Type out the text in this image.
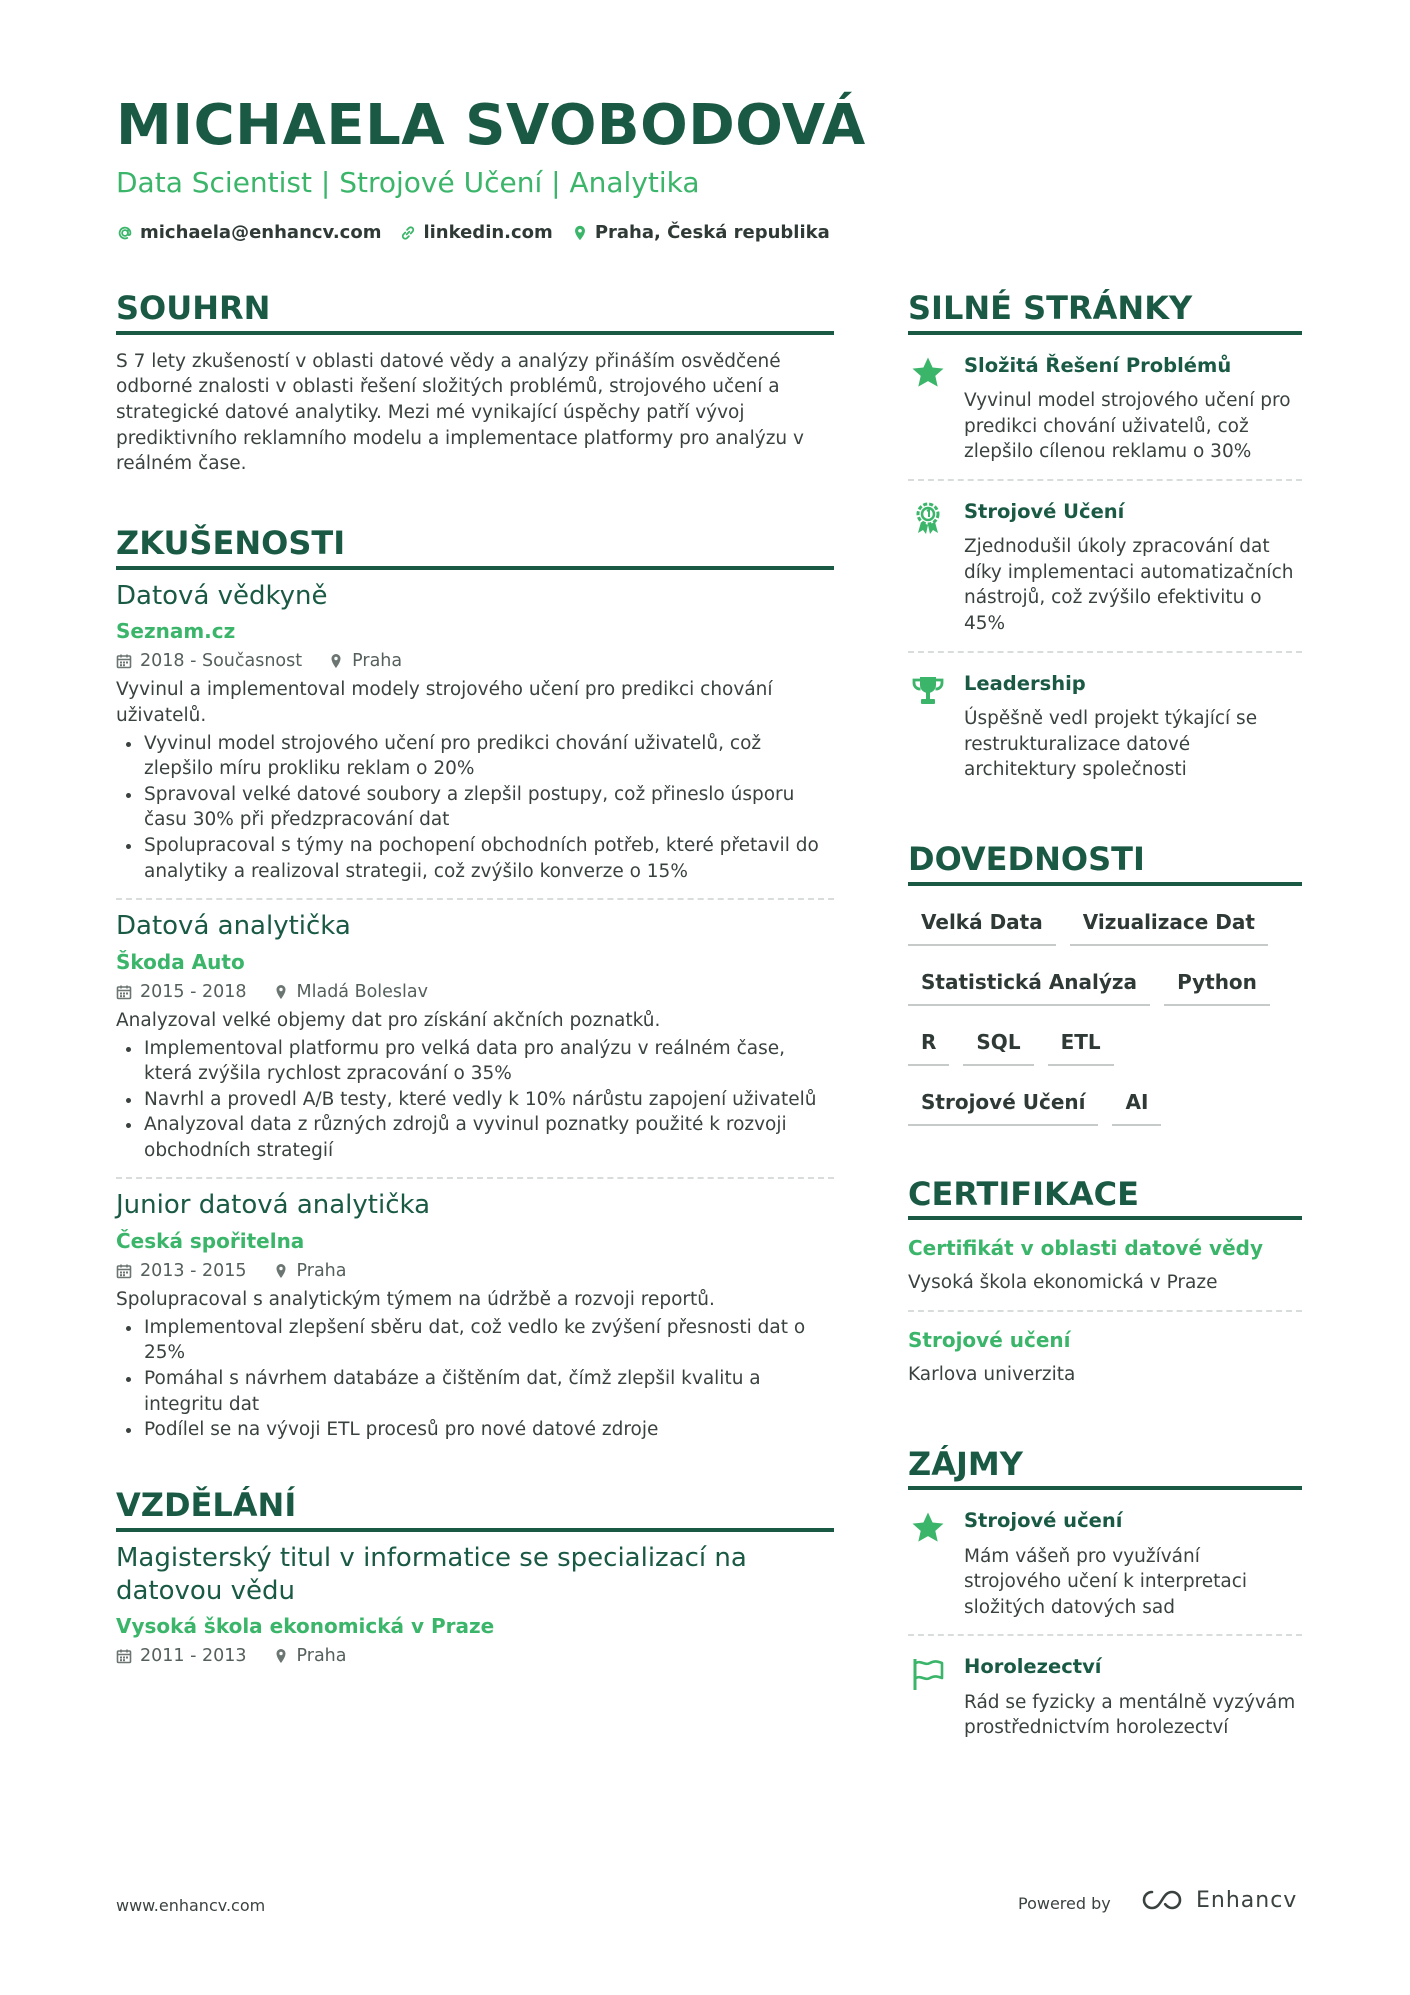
MICHAELA SVOBODOVÁ
Data Scientist | Strojové Učení | Analytika
michaela@enhancv.com linkedin.com Praha, Česká republika
SOUHRN
S 7 lety zkušeností v oblasti datové vědy a analýzy přináším osvědčené odborné znalosti v oblasti řešení složitých problémů, strojového učení a strategické datové analytiky. Mezi mé vynikající úspěchy patří vývoj prediktivního reklamního modelu a implementace platformy pro analýzu v reálném čase.
ZKUŠENOSTI
Datová vědkyně
Seznam.cz
2018 - Současnost	Praha
Vyvinul a implementoval modely strojového učení pro predikci chování uživatelů.
Vyvinul model strojového učení pro predikci chování uživatelů, což zlepšilo míru prokliku reklam o 20%
Spravoval velké datové soubory a zlepšil postupy, což přineslo úsporu času 30% při předzpracování dat
Spolupracoval s týmy na pochopení obchodních potřeb, které přetavil do analytiky a realizoval strategii, což zvýšilo konverze o 15%
Datová analytička
Škoda Auto
2015 - 2018	Mladá Boleslav
Analyzoval velké objemy dat pro získání akčních poznatků.
Implementoval platformu pro velká data pro analýzu v reálném čase, která zvýšila rychlost zpracování o 35%
Navrhl a provedl A/B testy, které vedly k 10% nárůstu zapojení uživatelů
Analyzoval data z různých zdrojů a vyvinul poznatky použité k rozvoji obchodních strategií
Junior datová analytička
Česká spořitelna
2013 - 2015	Praha
Spolupracoval s analytickým týmem na údržbě a rozvoji reportů.
Implementoval zlepšení sběru dat, což vedlo ke zvýšení přesnosti dat o 25%
Pomáhal s návrhem databáze a čištěním dat, čímž zlepšil kvalitu a integritu dat
Podílel se na vývoji ETL procesů pro nové datové zdroje
VZDĚLÁNÍ
Magisterský titul v informatice se specializací na datovou vědu
Vysoká škola ekonomická v Praze
2011 - 2013	Praha
SILNÉ STRÁNKY
Složitá Řešení Problémů
Vyvinul model strojového učení pro predikci chování uživatelů, což zlepšilo cílenou reklamu o 30%
Strojové Učení
Zjednodušil úkoly zpracování dat díky implementaci automatizačních nástrojů, což zvýšilo efektivitu o 45%
Leadership
Úspěšně vedl projekt týkající se restrukturalizace datové architektury společnosti
DOVEDNOSTI
Velká Data	Vizualizace Dat
Statistická Analýza	Python
R	SQL	ETL
Strojové Učení	AI
CERTIFIKACE
Certifikát v oblasti datové vědy
Vysoká škola ekonomická v Praze
Strojové učení
Karlova univerzita
ZÁJMY
Strojové učení
Mám vášeň pro využívání strojového učení k interpretaci složitých datových sad
Horolezectví
Rád se fyzicky a mentálně vyzývám prostřednictvím horolezectví
www.enhancv.com	Powered by	Enhancv
